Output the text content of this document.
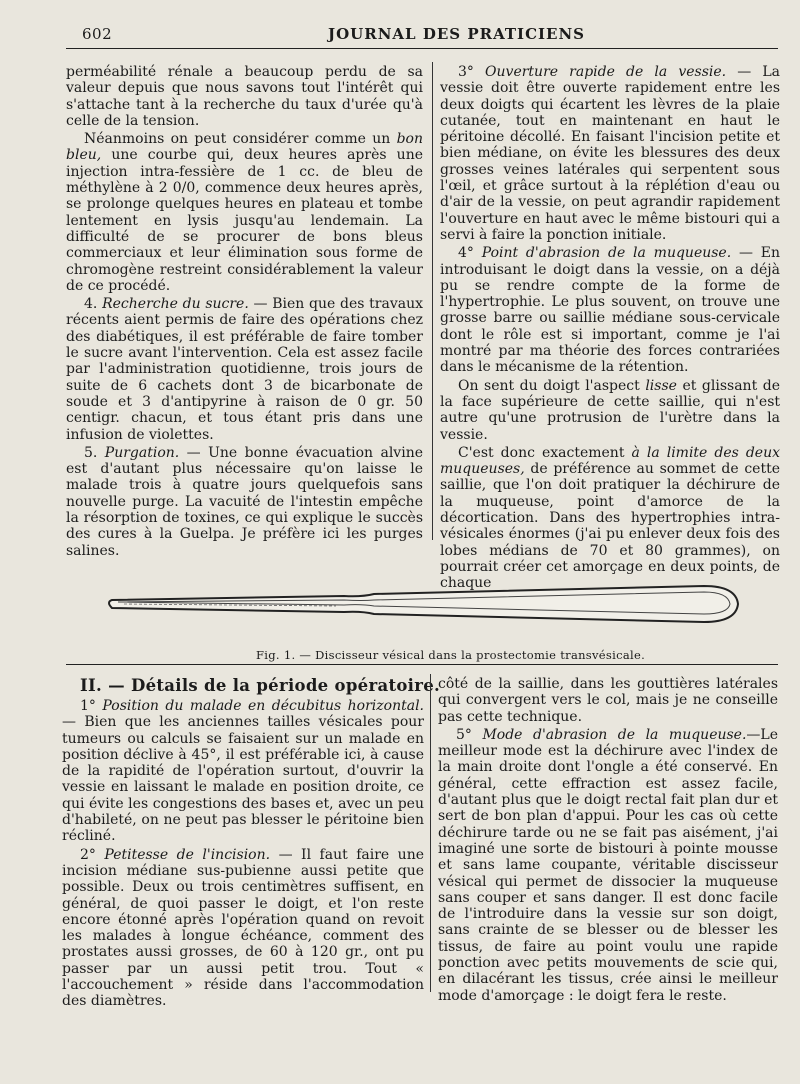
602	JOURNAL DES PRATICIENS

perméabilité rénale a beaucoup perdu de sa valeur depuis que nous savons tout l'intérêt qui s'attache tant à la recherche du taux d'urée qu'à celle de la tension.

Néanmoins on peut considérer comme un bon bleu, une courbe qui, deux heures après une injection intra-fessière de 1 cc. de bleu de méthylène à 2 0/0, commence deux heures après, se prolonge quelques heures en plateau et tombe lentement en lysis jusqu'au lendemain. La difficulté de se procurer de bons bleus commerciaux et leur élimination sous forme de chromogène restreint considérablement la valeur de ce procédé.

4. Recherche du sucre. — Bien que des travaux récents aient permis de faire des opérations chez des diabétiques, il est préférable de faire tomber le sucre avant l'intervention. Cela est assez facile par l'administration quotidienne, trois jours de suite de 6 cachets dont 3 de bicarbonate de soude et 3 d'antipyrine à raison de 0 gr. 50 centigr. chacun, et tous étant pris dans une infusion de violettes.

5. Purgation. — Une bonne évacuation alvine est d'autant plus nécessaire qu'on laisse le malade trois à quatre jours quelquefois sans nouvelle purge. La vacuité de l'intestin empêche la résorption de toxines, ce qui explique le succès des cures à la Guelpa. Je préfère ici les purges salines.

3° Ouverture rapide de la vessie. — La vessie doit être ouverte rapidement entre les deux doigts qui écartent les lèvres de la plaie cutanée, tout en maintenant en haut le péritoine décollé. En faisant l'incision petite et bien médiane, on évite les blessures des deux grosses veines latérales qui serpentent sous l'œil, et grâce surtout à la réplétion d'eau ou d'air de la vessie, on peut agrandir rapidement l'ouverture en haut avec le même bistouri qui a servi à faire la ponction initiale.

4° Point d'abrasion de la muqueuse. — En introduisant le doigt dans la vessie, on a déjà pu se rendre compte de la forme de l'hypertrophie. Le plus souvent, on trouve une grosse barre ou saillie médiane sous-cervicale dont le rôle est si important, comme je l'ai montré par ma théorie des forces contrariées dans le mécanisme de la rétention.

On sent du doigt l'aspect lisse et glissant de la face supérieure de cette saillie, qui n'est autre qu'une protrusion de l'urètre dans la vessie.

C'est donc exactement à la limite des deux muqueuses, de préférence au sommet de cette saillie, que l'on doit pratiquer la déchirure de la muqueuse, point d'amorce de la décortication. Dans des hypertrophies intra-vésicales énormes (j'ai pu enlever deux fois des lobes médians de 70 et 80 grammes), on pourrait créer cet amorçage en deux points, de chaque

Fig. 1. — Discisseur vésical dans la prostectomie transvésicale.
II. — Détails de la période opératoire.

1° Position du malade en décubitus horizontal. — Bien que les anciennes tailles vésicales pour tumeurs ou calculs se faisaient sur un malade en position déclive à 45°, il est préférable ici, à cause de la rapidité de l'opération surtout, d'ouvrir la vessie en laissant le malade en position droite, ce qui évite les congestions des bases et, avec un peu d'habileté, on ne peut pas blesser le péritoine bien récliné.

2° Petitesse de l'incision. — Il faut faire une incision médiane sus-pubienne aussi petite que possible. Deux ou trois centimètres suffisent, en général, de quoi passer le doigt, et l'on reste encore étonné après l'opération quand on revoit les malades à longue échéance, comment des prostates aussi grosses, de 60 à 120 gr., ont pu passer par un aussi petit trou. Tout « l'accouchement » réside dans l'accommodation des diamètres.

côté de la saillie, dans les gouttières latérales qui convergent vers le col, mais je ne conseille pas cette technique.

5° Mode d'abrasion de la muqueuse.—Le meilleur mode est la déchirure avec l'index de la main droite dont l'ongle a été conservé. En général, cette effraction est assez facile, d'autant plus que le doigt rectal fait plan dur et sert de bon plan d'appui. Pour les cas où cette déchirure tarde ou ne se fait pas aisément, j'ai imaginé une sorte de bistouri à pointe mousse et sans lame coupante, véritable discisseur vésical qui permet de dissocier la muqueuse sans couper et sans danger. Il est donc facile de l'introduire dans la vessie sur son doigt, sans crainte de se blesser ou de blesser les tissus, de faire au point voulu une rapide ponction avec petits mouvements de scie qui, en dilacérant les tissus, crée ainsi le meilleur mode d'amorçage : le doigt fera le reste.
